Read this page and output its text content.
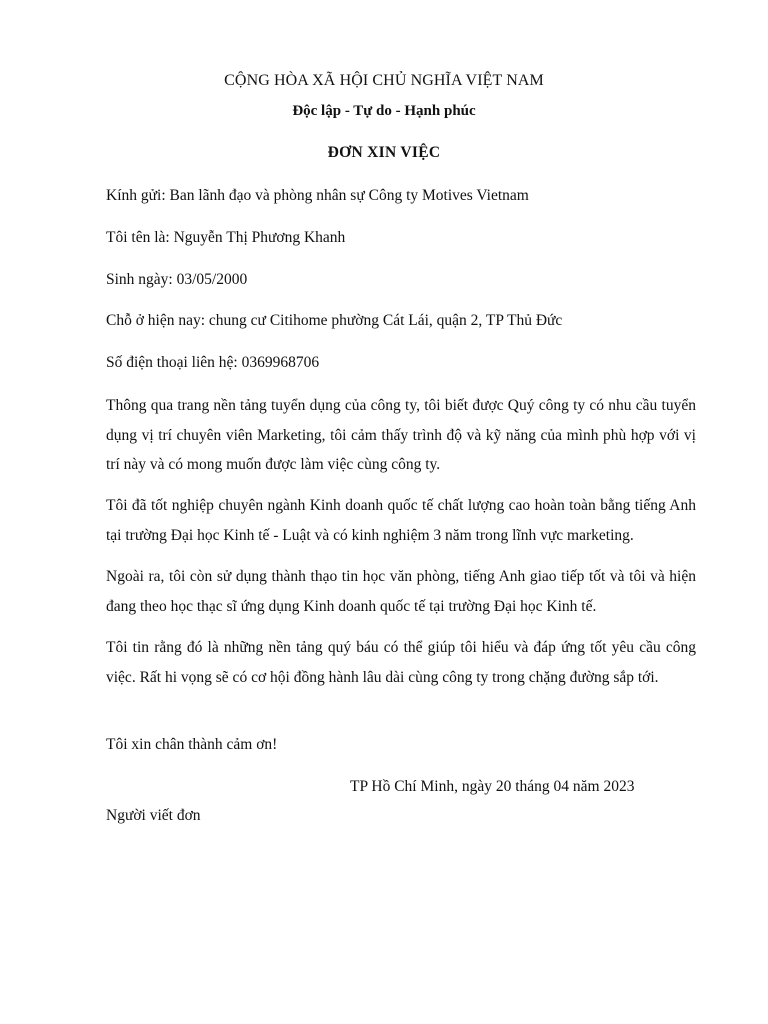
CỘNG HÒA XÃ HỘI CHỦ NGHĨA VIỆT NAM
Độc lập - Tự do - Hạnh phúc
ĐƠN XIN VIỆC
Kính gửi: Ban lãnh đạo và phòng nhân sự Công ty Motives Vietnam
Tôi tên là: Nguyễn Thị Phương Khanh
Sinh ngày: 03/05/2000
Chỗ ở hiện nay: chung cư Citihome phường Cát Lái, quận 2, TP Thủ Đức
Số điện thoại liên hệ: 0369968706
Thông qua trang nền tảng tuyển dụng của công ty, tôi biết được Quý công ty có nhu cầu tuyển dụng vị trí chuyên viên Marketing, tôi cảm thấy trình độ và kỹ năng của mình phù hợp với vị trí này và có mong muốn được làm việc cùng công ty.
Tôi đã tốt nghiệp chuyên ngành Kinh doanh quốc tế chất lượng cao hoàn toàn bằng tiếng Anh tại trường Đại học Kinh tế - Luật và có kinh nghiệm 3 năm trong lĩnh vực marketing.
Ngoài ra, tôi còn sử dụng thành thạo tin học văn phòng, tiếng Anh giao tiếp tốt và tôi và hiện đang theo học thạc sĩ ứng dụng Kinh doanh quốc tế tại trường Đại học Kinh tế.
Tôi tin rằng đó là những nền tảng quý báu có thể giúp tôi hiểu và đáp ứng tốt yêu cầu công việc. Rất hi vọng sẽ có cơ hội đồng hành lâu dài cùng công ty trong chặng đường sắp tới.
Tôi xin chân thành cảm ơn!
TP Hồ Chí Minh, ngày 20 tháng 04 năm 2023
Người viết đơn
